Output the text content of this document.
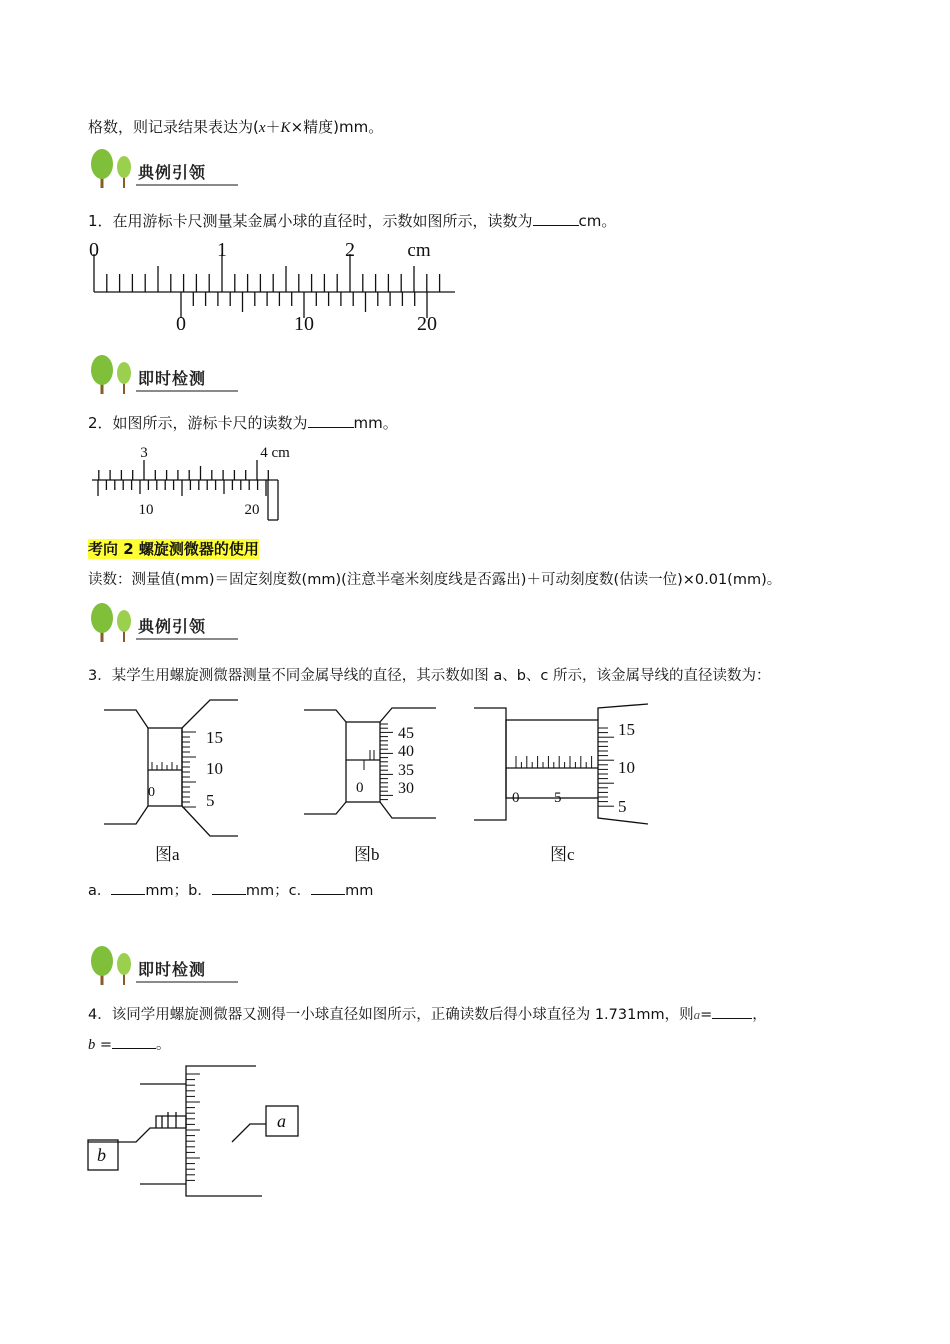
格数，则记录结果表达为(x＋K×精度)mm。
典例引领
1．在用游标卡尺测量某金属小球的直径时，示数如图所示，读数为	cm。
0	1	2	cm
0	10	20
即时检测
2．如图所示，游标卡尺的读数为	mm。
3	4 cm
10	20
考向 2 螺旋测微器的使用
读数：测量值(mm)＝固定刻度数(mm)(注意半毫米刻度线是否露出)＋可动刻度数(估读一位)×0.01(mm)。
典例引领
3．某学生用螺旋测微器测量不同金属导线的直径，其示数如图 a、b、c 所示，该金属导线的直径读数为：
0
15
10
5
图a
0
45
40
35
30
图b
0 5
15
10
5
图c
a． mm；b． mm；c． mm
即时检测
4．该同学用螺旋测微器又测得一小球直径如图所示，正确读数后得小球直径为 1.731mm，则a=	，
b =	。
b
a
